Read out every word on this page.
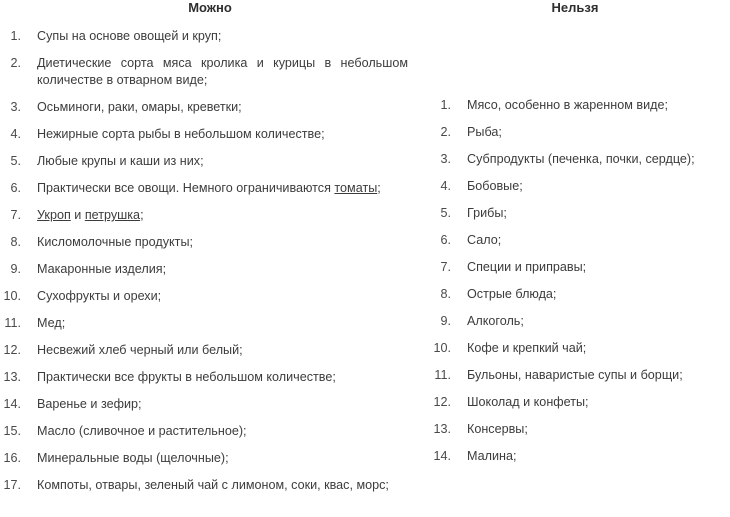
Можно
1. Супы на основе овощей и круп;
2. Диетические сорта мяса кролика и курицы в небольшом количестве в отварном виде;
3. Осьминоги, раки, омары, креветки;
4. Нежирные сорта рыбы в небольшом количестве;
5. Любые крупы и каши из них;
6. Практически все овощи. Немного ограничиваются томаты;
7. Укроп и петрушка;
8. Кисломолочные продукты;
9. Макаронные изделия;
10. Сухофрукты и орехи;
11. Мед;
12. Несвежий хлеб черный или белый;
13. Практически все фрукты в небольшом количестве;
14. Варенье и зефир;
15. Масло (сливочное и растительное);
16. Минеральные воды (щелочные);
17. Компоты, отвары, зеленый чай с лимоном, соки, квас, морс;
Нельзя
1. Мясо, особенно в жаренном виде;
2. Рыба;
3. Субпродукты (печенка, почки, сердце);
4. Бобовые;
5. Грибы;
6. Сало;
7. Специи и приправы;
8. Острые блюда;
9. Алкоголь;
10. Кофе и крепкий чай;
11. Бульоны, наваристые супы и борщи;
12. Шоколад и конфеты;
13. Консервы;
14. Малина;
